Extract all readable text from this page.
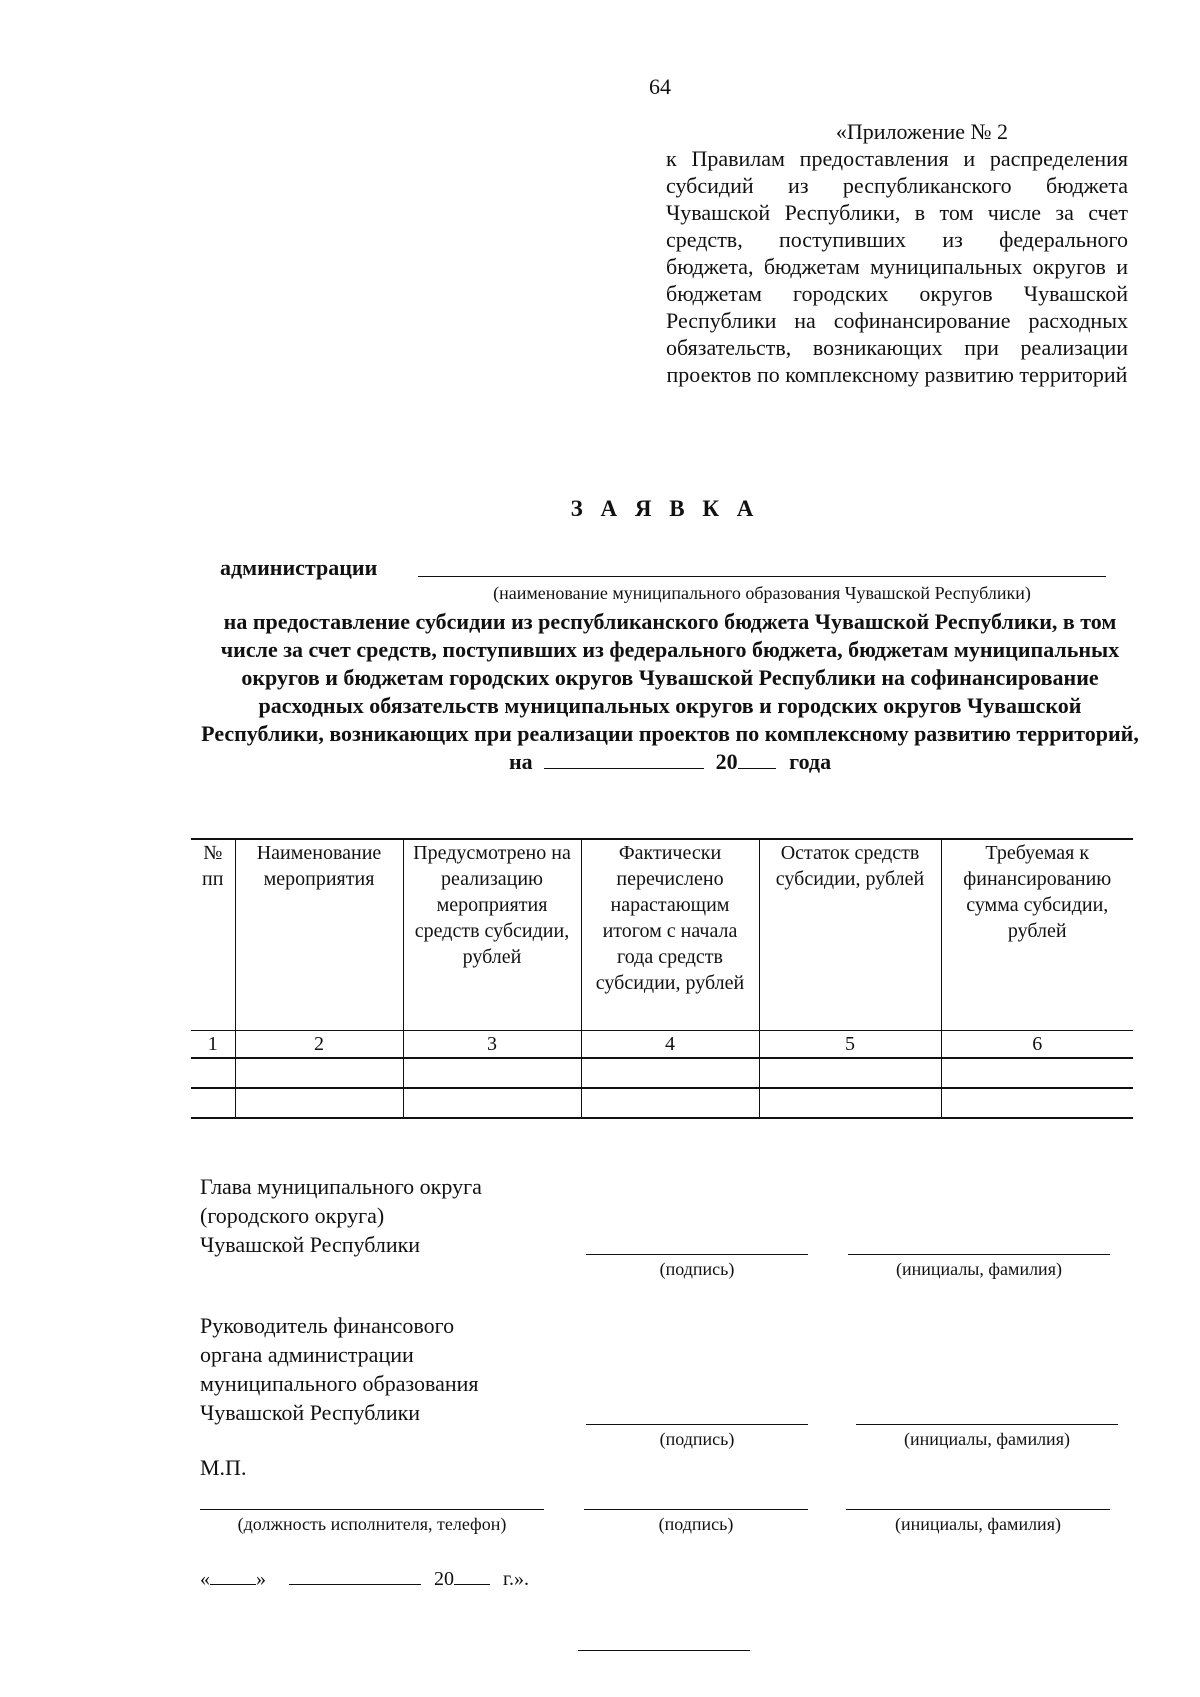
64
«Приложение № 2
к Правилам предоставления и распределения субсидий из республиканского бюджета Чувашской Республики, в том числе за счет средств, поступивших из федерального бюджета, бюджетам муниципальных округов и бюджетам городских округов Чувашской Республики на софинансирование расходных обязательств, возникающих при реализации проектов по комплексному развитию территорий
З А Я В К А
администрации
(наименование муниципального образования Чувашской Республики)
на предоставление субсидии из республиканского бюджета Чувашской Республики, в том числе за счет средств, поступивших из федерального бюджета, бюджетам муниципальных округов и бюджетам городских округов Чувашской Республики на софинансирование расходных обязательств муниципальных округов и городских округов Чувашской Республики, возникающих при реализации проектов по комплексному развитию территорий, на	20 года
№ пп	Наименование мероприятия	Предусмотрено на реализацию мероприятия средств субсидии, рублей	Фактически перечислено нарастающим итогом с начала года средств субсидии, рублей	Остаток средств субсидии, рублей	Требуемая к финансированию сумма субсидии, рублей
1	2	3	4	5	6

Глава муниципального округа
(городского округа)
Чувашской Республики
(подпись)	(инициалы, фамилия)
Руководитель финансового
органа администрации
муниципального образования
Чувашской Республики
(подпись)	(инициалы, фамилия)
М.П.
(должность исполнителя, телефон)	(подпись)	(инициалы, фамилия)
« »	20 г.».
